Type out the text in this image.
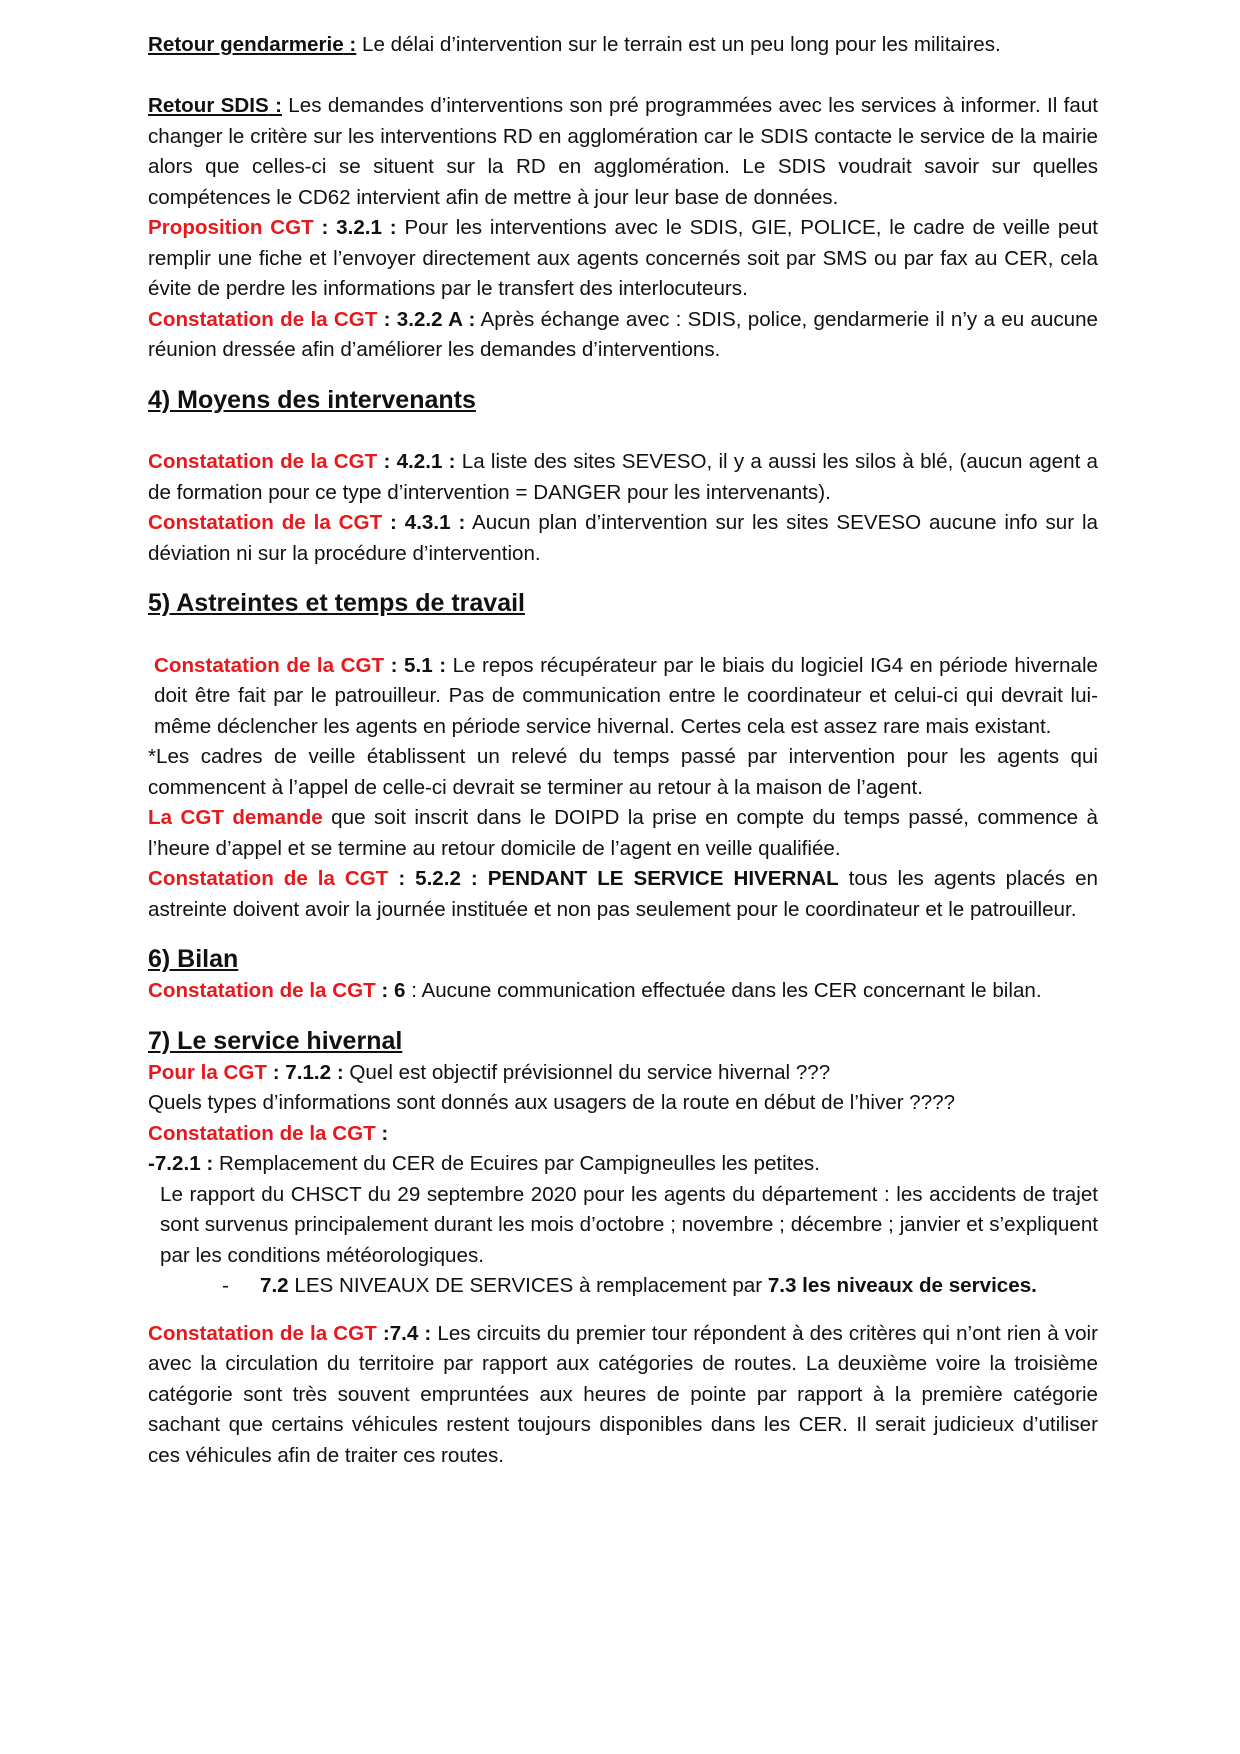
Retour gendarmerie : Le délai d’intervention sur le terrain est un peu long pour les militaires.

Retour SDIS : Les demandes d’interventions son pré programmées avec les services à informer. Il faut changer le critère sur les interventions RD en agglomération car le SDIS contacte le service de la mairie alors que celles-ci se situent sur la RD en agglomération. Le SDIS voudrait savoir sur quelles compétences le CD62 intervient afin de mettre à jour leur base de données.

Proposition CGT : 3.2.1 : Pour les interventions avec le SDIS, GIE, POLICE, le cadre de veille peut remplir une fiche et l’envoyer directement aux agents concernés soit par SMS ou par fax au CER, cela évite de perdre les informations par le transfert des interlocuteurs.

Constatation de la CGT : 3.2.2 A : Après échange avec : SDIS, police, gendarmerie il n’y a eu aucune réunion dressée afin d’améliorer les demandes d’interventions.

4) Moyens des intervenants

Constatation de la CGT : 4.2.1 : La liste des sites SEVESO, il y a aussi les silos à blé, (aucun agent a de formation pour ce type d’intervention = DANGER pour les intervenants).

Constatation de la CGT : 4.3.1 : Aucun plan d’intervention sur les sites SEVESO aucune info sur la déviation ni sur la procédure d’intervention.

5) Astreintes et temps de travail

Constatation de la CGT : 5.1 : Le repos récupérateur par le biais du logiciel IG4 en période hivernale doit être fait par le patrouilleur. Pas de communication entre le coordinateur et celui-ci qui devrait lui-même déclencher les agents en période service hivernal. Certes cela est assez rare mais existant.

*Les cadres de veille établissent un relevé du temps passé par intervention pour les agents qui commencent à l’appel de celle-ci devrait se terminer au retour à la maison de l’agent.

La CGT demande que soit inscrit dans le DOIPD la prise en compte du temps passé, commence à l’heure d’appel et se termine au retour domicile de l’agent en veille qualifiée.

Constatation de la CGT : 5.2.2 : PENDANT LE SERVICE HIVERNAL tous les agents placés en astreinte doivent avoir la journée instituée et non pas seulement pour le coordinateur et le patrouilleur.

6) Bilan

Constatation de la CGT : 6 : Aucune communication effectuée dans les CER concernant le bilan.

7) Le service hivernal

Pour la CGT : 7.1.2 : Quel est objectif prévisionnel du service hivernal ???

Quels types d’informations sont donnés aux usagers de la route en début de l’hiver ????

Constatation de la CGT :

-7.2.1 : Remplacement du CER de Ecuires par Campigneulles les petites.

Le rapport du CHSCT du 29 septembre 2020 pour les agents du département : les accidents de trajet sont survenus principalement durant les mois d’octobre ; novembre ; décembre ; janvier et s’expliquent par les conditions météorologiques.

- 7.2 LES NIVEAUX DE SERVICES à remplacement par 7.3 les niveaux de services.

Constatation de la CGT :7.4 : Les circuits du premier tour répondent à des critères qui n’ont rien à voir avec la circulation du territoire par rapport aux catégories de routes. La deuxième voire la troisième catégorie sont très souvent empruntées aux heures de pointe par rapport à la première catégorie sachant que certains véhicules restent toujours disponibles dans les CER. Il serait judicieux d’utiliser ces véhicules afin de traiter ces routes.
